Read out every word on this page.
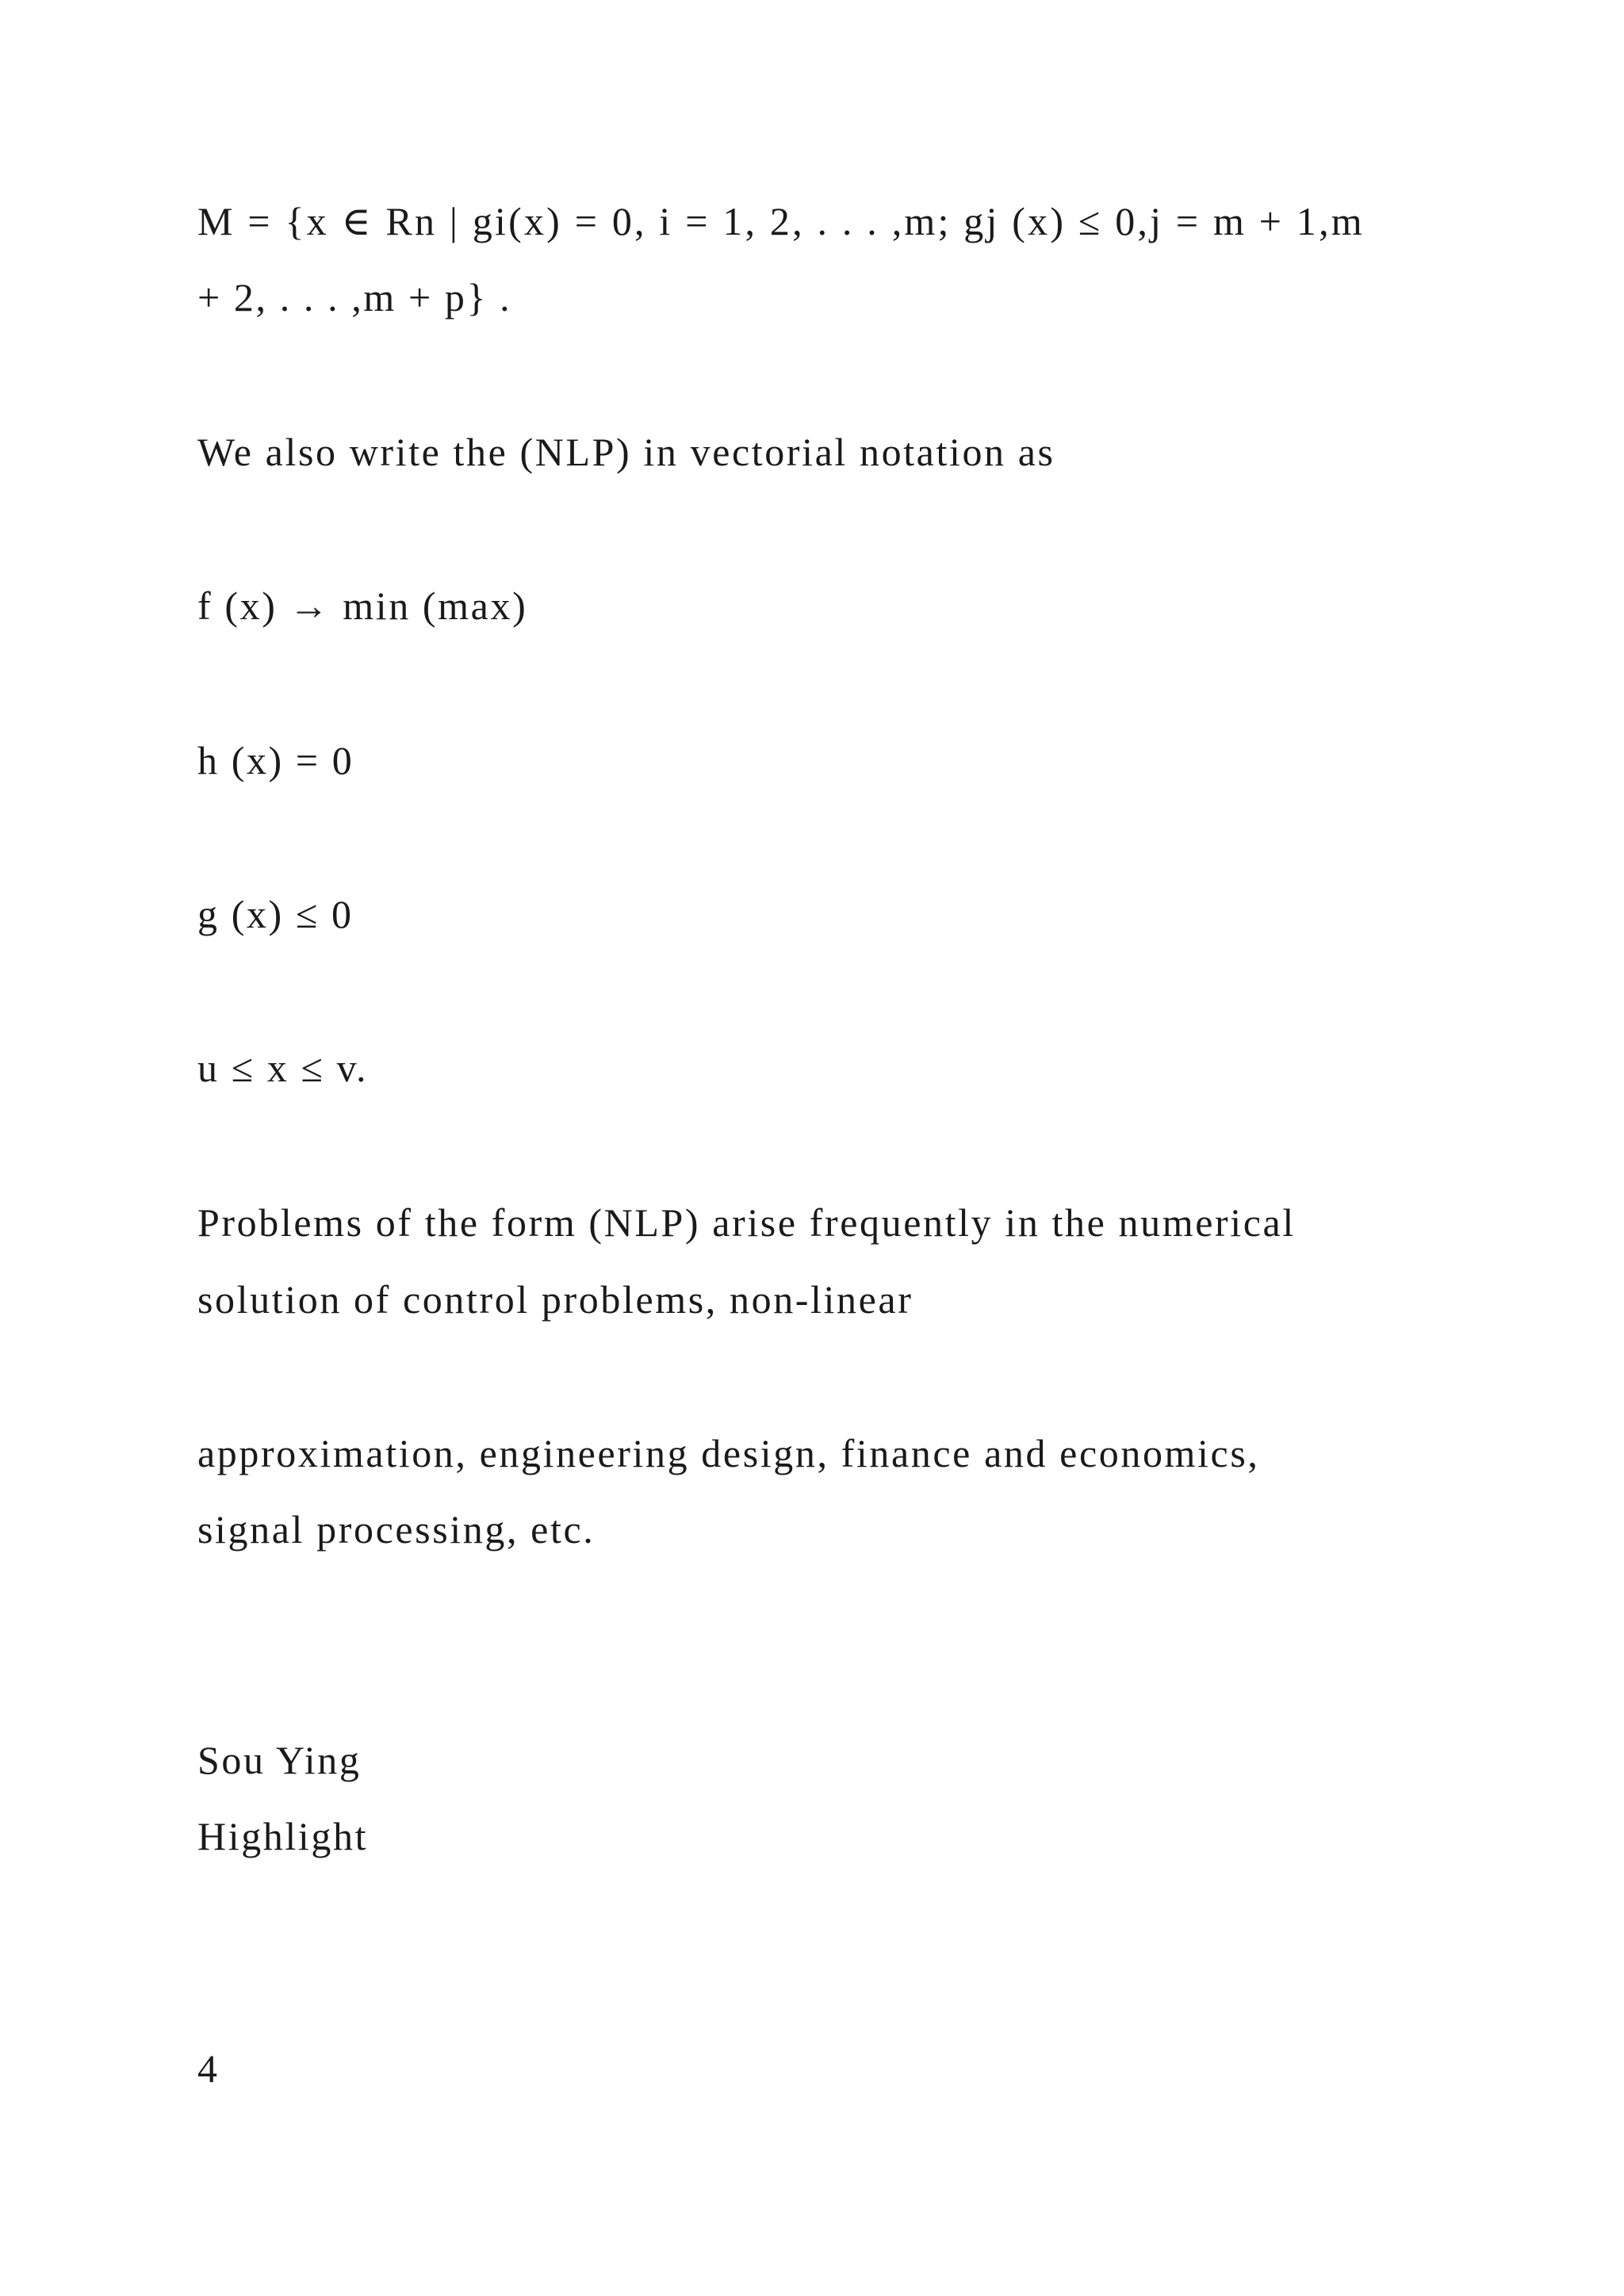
M = {x ∈ Rn | gi(x) = 0, i = 1, 2, . . . ,m; gj (x) ≤ 0,j = m + 1,m
+ 2, . . . ,m + p} .
We also write the (NLP) in vectorial notation as
f (x) → min (max)
h (x) = 0
g (x) ≤ 0
u ≤ x ≤ v.
Problems of the form (NLP) arise frequently in the numerical
solution of control problems, non-linear
approximation, engineering design, finance and economics,
signal processing, etc.
Sou Ying
Highlight
4
